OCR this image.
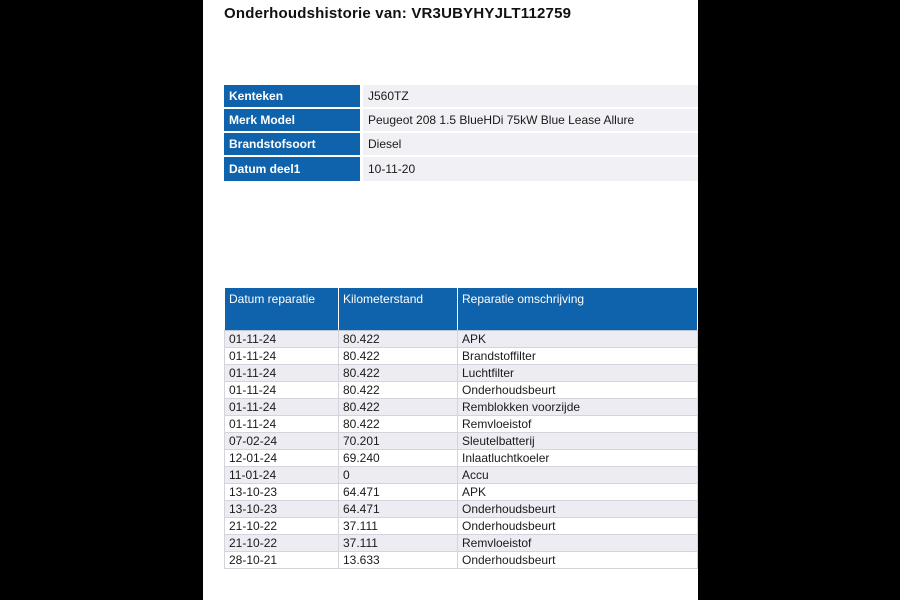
Onderhoudshistorie van: VR3UBYHYJLT112759
Kenteken	J560TZ
Merk Model	Peugeot 208 1.5 BlueHDi 75kW Blue Lease Allure
Brandstofsoort	Diesel
Datum deel1	10-11-20
Datum reparatie	Kilometerstand	Reparatie omschrijving
01-11-24	80.422	APK
01-11-24	80.422	Brandstoffilter
01-11-24	80.422	Luchtfilter
01-11-24	80.422	Onderhoudsbeurt
01-11-24	80.422	Remblokken voorzijde
01-11-24	80.422	Remvloeistof
07-02-24	70.201	Sleutelbatterij
12-01-24	69.240	Inlaatluchtkoeler
11-01-24	0	Accu
13-10-23	64.471	APK
13-10-23	64.471	Onderhoudsbeurt
21-10-22	37.111	Onderhoudsbeurt
21-10-22	37.111	Remvloeistof
28-10-21	13.633	Onderhoudsbeurt
